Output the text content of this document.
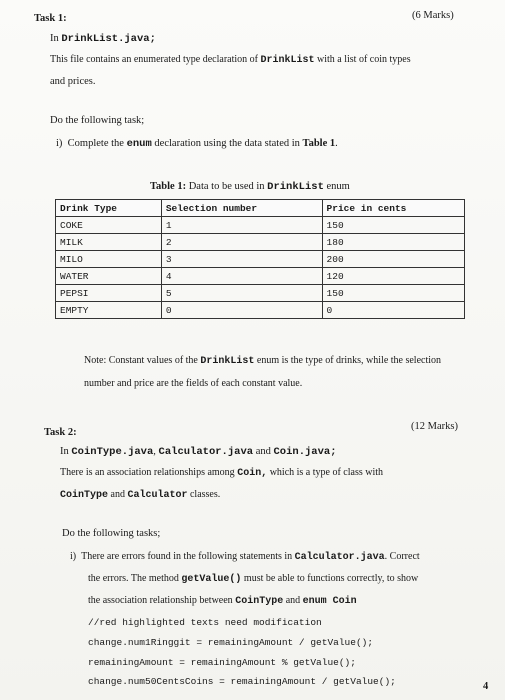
Task 1:	(6 Marks)
In DrinkList.java;
This file contains an enumerated type declaration of DrinkList with a list of coin types
and prices.
Do the following task;
i) Complete the enum declaration using the data stated in Table 1.
Table 1: Data to be used in DrinkList enum
Drink Type	Selection number	Price in cents
COKE	1	150
MILK	2	180
MILO	3	200
WATER	4	120
PEPSI	5	150
EMPTY	0	0
Note: Constant values of the DrinkList enum is the type of drinks, while the selection
number and price are the fields of each constant value.
Task 2:
(12 Marks)
In CoinType.java, Calculator.java and Coin.java;
There is an association relationships among Coin, which is a type of class with
CoinType and Calculator classes.
Do the following tasks;
i) There are errors found in the following statements in Calculator.java. Correct
the errors. The method getValue() must be able to functions correctly, to show
the association relationship between CoinType and enum Coin
//red highlighted texts need modification
change.num1Ringgit = remainingAmount / getValue();
remainingAmount = remainingAmount % getValue();
change.num50CentsCoins = remainingAmount / getValue();	4
